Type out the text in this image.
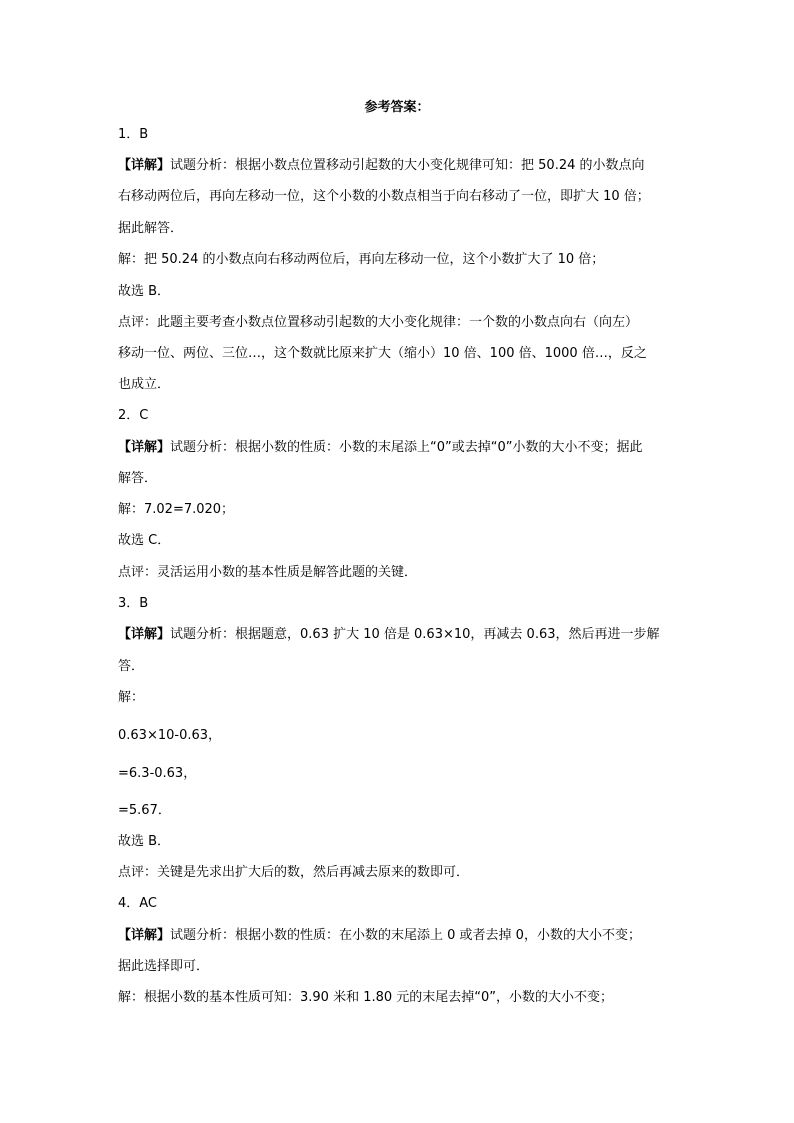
参考答案：
1．B
【详解】试题分析：根据小数点位置移动引起数的大小变化规律可知：把 50.24 的小数点向
右移动两位后，再向左移动一位，这个小数的小数点相当于向右移动了一位，即扩大 10 倍；
据此解答．
解：把 50.24 的小数点向右移动两位后，再向左移动一位，这个小数扩大了 10 倍；
故选 B．
点评：此题主要考查小数点位置移动引起数的大小变化规律：一个数的小数点向右（向左）
移动一位、两位、三位…，这个数就比原来扩大（缩小）10 倍、100 倍、1000 倍…，反之
也成立．
2．C
【详解】试题分析：根据小数的性质：小数的末尾添上“0”或去掉“0”小数的大小不变；据此
解答．
解：7.02=7.020；
故选 C．
点评：灵活运用小数的基本性质是解答此题的关键．
3．B
【详解】试题分析：根据题意，0.63 扩大 10 倍是 0.63×10，再减去 0.63，然后再进一步解
答．
解：
0.63×10-0.63，
=6.3-0.63，
=5.67．
故选 B．
点评：关键是先求出扩大后的数，然后再减去原来的数即可．
4．AC
【详解】试题分析：根据小数的性质：在小数的末尾添上 0 或者去掉 0，小数的大小不变；
据此选择即可．
解：根据小数的基本性质可知：3.90 米和 1.80 元的末尾去掉“0”，小数的大小不变；
